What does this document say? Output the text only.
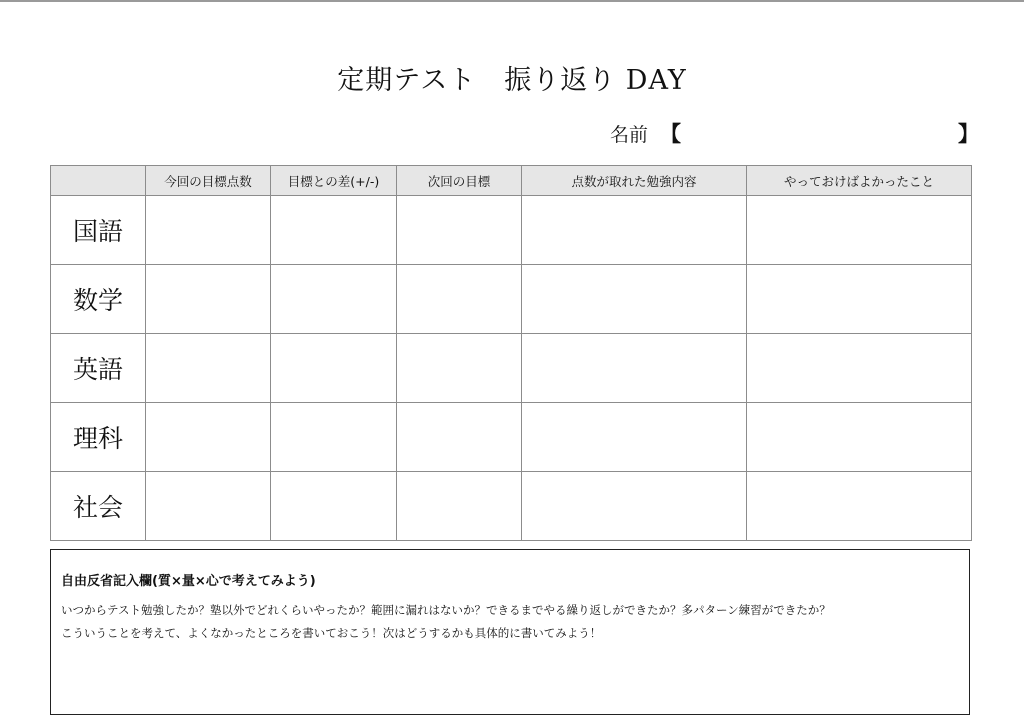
定期テスト　振り返り DAY
名前 【	】
	今回の目標点数	目標との差(+/-)	次回の目標	点数が取れた勉強内容	やっておけばよかったこと
国語					
数学					
英語					
理科					
社会					
自由反省記入欄(質×量×心で考えてみよう)
いつからテスト勉強したか？塾以外でどれくらいやったか？範囲に漏れはないか？できるまでやる繰り返しができたか？多パターン練習ができたか？
こういうことを考えて、よくなかったところを書いておこう！次はどうするかも具体的に書いてみよう！
